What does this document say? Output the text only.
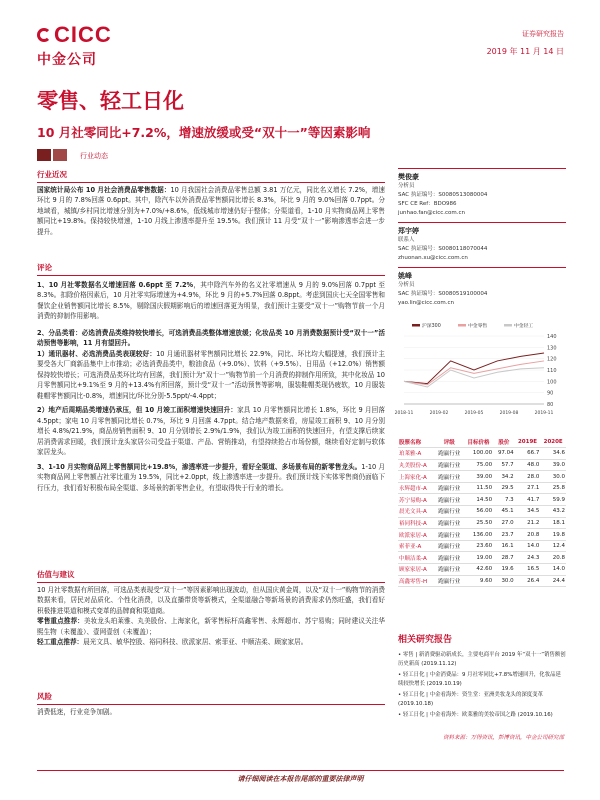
CICC
中金公司
证券研究报告
2019 年 11 月 14 日
零售、轻工日化
10 月社零同比+7.2%，增速放缓或受“双十一”等因素影响
行业动态
行业近况

国家统计局公布 10 月社会消费品零售数据：10 月我国社会消费品零售总额 3.81 万亿元，同比名义增长 7.2%，增速环比 9 月的 7.8%回落 0.6ppt。其中，除汽车以外消费品零售额同比增长 8.3%，环比 9 月的 9.0%回落 0.7ppt。分地域看，城镇/乡村同比增速分别为+7.0%/+8.6%，低线城市增速仍好于整体；分渠道看，1-10 月实物商品网上零售额同比+19.8%。保持较快增速，1-10 月线上渗透率提升至 19.5%。我们预计 11 月受“双十一”影响渗透率会进一步提升。

评论

1、10 月社零数据名义增速回落 0.6ppt 至 7.2%，其中除汽车外的名义社零增速从 9 月的 9.0%回落 0.7ppt 至 8.3%。扣除价格因素后，10 月社零实际增速为+4.9%，环比 9 月的+5.7%回落 0.8ppt。考虑到国庆七天全国零售和餐饮企业销售额同比增长 8.5%，剔除国庆假期影响后的增速回落更为明显，我们预计主要受“双十一”购物节前一个月消费的抑制作用影响。

2、分品类看：必选消费品类维持较快增长，可选消费品类整体增速放缓；化妆品类 10 月消费数据预计受“双十一”活动预售等影响，11 月有望回升。

1）通讯器材、必选消费品类表现较好：10 月通讯器材零售额同比增长 22.9%，同比、环比均大幅提速，我们预计主要受各大厂商新品集中上市推动；必选消费品类中，粮油食品（+9.0%）、饮料（+9.5%）、日用品（+12.0%）销售额保持较快增长；可选消费品类环比均有回落，我们预计为“双十一”购物节前一个月消费的抑制作用所致，其中化妆品 10 月零售额同比+9.1%至 9 月的+13.4%有所回落，预计受“双十一”活动预售等影响，服装鞋帽类现仍疲软，10 月服装鞋帽零售额同比-0.8%，增速同比/环比分别-5.5ppt/-4.4ppt；

2）地产后周期品类增速仍承压，但 10 月竣工面积增速快速回升：家具 10 月零售额同比增长 1.8%，环比 9 月回落 4.5ppt；家电 10 月零售额同比增长 0.7%，环比 9 月回落 4.7ppt。结合地产数据来看，房屋竣工面积 9、10 月分别增长 4.8%/21.9%，商品房销售面积 9、10 月分别增长 2.9%/1.9%，我们认为竣工面积的快速回升，有望支撑后续家居消费需求回暖，我们预计龙头家居公司受益于渠道、产品、营销推动，有望持续抢占市场份额，继续看好定制与软体家居龙头。

3、1-10 月实物商品网上零售额同比+19.8%，渗透率进一步提升，看好全渠道、多场景布局的新零售龙头。1-10 月实物商品网上零售额占社零比重为 19.5%，同比+2.0ppt，线上渗透率进一步提升。我们预计线下实体零售商仍面临下行压力，我们看好积极布局全渠道、多场景的新零售企业，有望取得快于行业的增长。

估值与建议

10 月社零数据有所回落，可选品类表现受“双十一”等因素影响出现波动，但从国庆黄金周，以及“双十一”购物节的消费数据来看，居民对品质化、个性化消费，以及直播带货等新模式，全渠道融合等新场景的消费需求仍然旺盛，我们看好积极推进渠道和模式变革的品牌商和渠道商。

零售重点推荐：美妆龙头珀莱雅、丸美股份、上海家化，新零售标杆高鑫零售、永辉超市、苏宁易购；同时建议关注华熙生物（未覆盖）、壹网壹创（未覆盖）；

轻工重点推荐：晨光文具、敏华控股、裕同科技、欧派家居、索菲亚、中顺洁柔、顾家家居。

风险

消费低迷，行业竞争加剧。

樊俊豪
分析员
SAC 执证编号：S0080513080004
SFC CE Ref：BDO986
junhao.fan@cicc.com.cn
郑宇婷
联系人
SAC 执证编号：S0080118070044
zhuonan.xu@cicc.com.cn
姚峰
分析员
SAC 执证编号：S0080519100004
yao.lin@cicc.com.cn
80
90
100
110
120
130
140
2018-11	2019-02	2019-05	2019-08	2019-11
沪深300	中金零售	中金轻工
股票名称	评级	目标价格	股价	2019E	2020E
珀莱雅-A	跑赢行业	100.00	97.04	66.7	34.6
丸美股份-A	跑赢行业	75.00	57.7	48.0	39.0
上海家化-A	跑赢行业	39.00	34.2	28.0	30.0
永辉超市-A	跑赢行业	11.50	29.5	27.1	25.8
苏宁易购-A	跑赢行业	14.50	7.3	41.7	59.9
晨光文具-A	跑赢行业	56.00	45.1	34.5	43.2
裕同科技-A	跑赢行业	25.50	27.0	21.2	18.1
欧派家居-A	跑赢行业	136.00	23.7	20.8	19.8
索菲亚-A	跑赢行业	23.60	16.1	14.0	12.4
中顺洁柔-A	跑赢行业	19.00	28.7	24.3	20.8
顾家家居-A	跑赢行业	42.60	19.6	16.5	14.0
高鑫零售-H	跑赢行业	9.60	30.0	26.4	24.4
相关研究报告
• 零售 | 新消费驱动新成长，主要电商平台 2019 年“双十一”销售额创历史新高 (2019.11.12)
• 轻工日化 | 中金消费品：9 月社零同比+7.8%增速回升，化妆品延续较快增长 (2019.10.19)
• 轻工日化 | 中金看海外：资生堂：亚洲美妆龙头的深度变革 (2019.10.18)
• 轻工日化 | 中金看海外：欧莱雅的美妆帝国之路 (2019.10.16)
资料来源：万得资讯，彭博资讯，中金公司研究部
请仔细阅读在本报告尾部的重要法律声明
